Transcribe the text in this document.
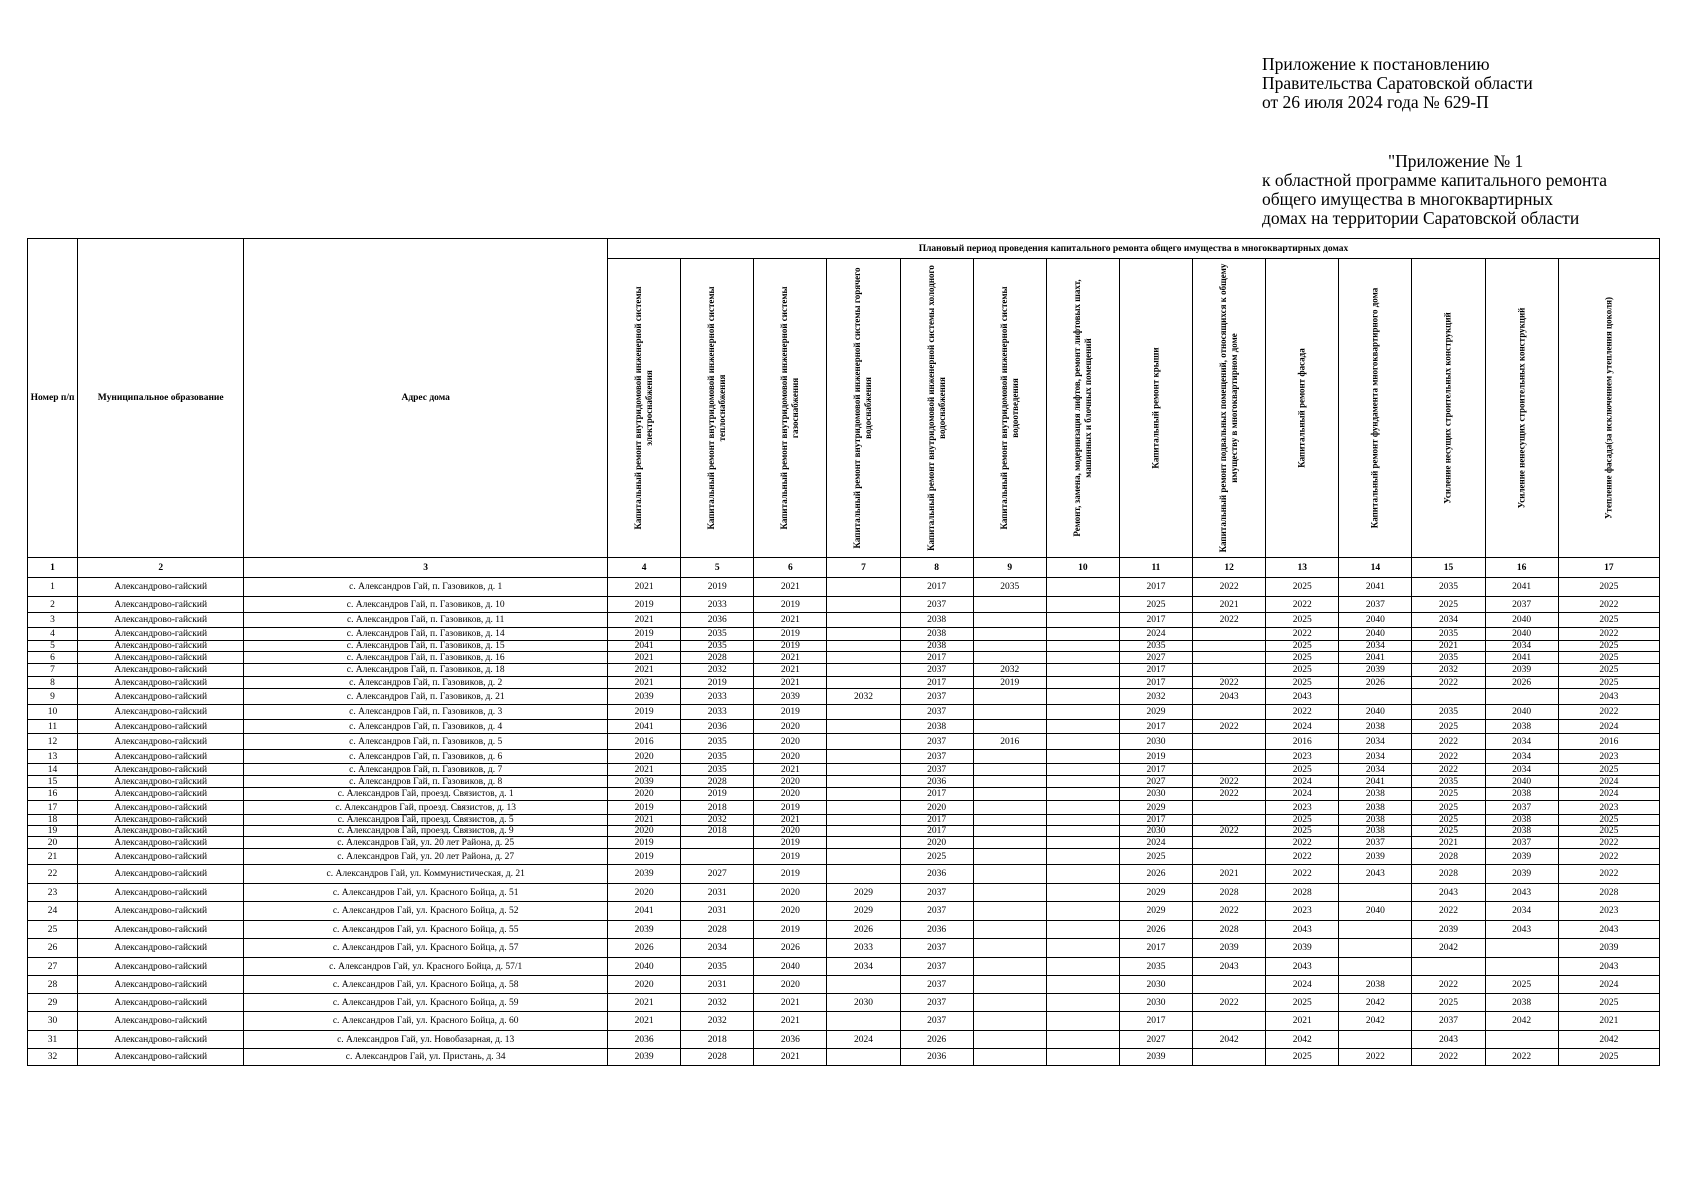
Приложение к постановлению
Правительства Саратовской области
от 26 июля 2024 года № 629-П
"Приложение № 1
к областной программе капитального ремонта
общего имущества в многоквартирных
домах на территории Саратовской области
Номер п/п	Муниципальное образование	Адрес дома	Плановый период проведения капитального ремонта общего имущества в многоквартирных домах													

			Капитальный ремонт внутридомовой инженерной системы электроснабжения	Капитальный ремонт внутридомовой инженерной системы теплоснабжения	Капитальный ремонт внутридомовой инженерной системы газоснабжения	Капитальный ремонт внутридомовой инженерной системы горячего водоснабжения	Капитальный ремонт внутридомовой инженерной системы холодного водоснабжения	Капитальный ремонт внутридомовой инженерной системы водоотведения	Ремонт, замена, модернизация лифтов, ремонт лифтовых шахт, машинных и блочных помещений	Капитальный ремонт крыши	Капитальный ремонт подвальных помещений, относящихся к общему имуществу в многоквартирном доме	Капитальный ремонт фасада	Капитальный ремонт фундамента многоквартирного дома	Усиление несущих строительных конструкций	Усиление ненесущих строительных конструкций	Утепление фасада(за исключением утепления цоколя)

1	2	3	4	5	6	7	8	9	10	11	12	13	14	15	16	17
1	Александрово-гайский	с. Александров Гай, п. Газовиков, д. 1	2021	2019	2021		2017	2035		2017	2022	2025	2041	2035	2041	2025
2	Александрово-гайский	с. Александров Гай, п. Газовиков, д. 10	2019	2033	2019		2037			2025	2021	2022	2037	2025	2037	2022
3	Александрово-гайский	с. Александров Гай, п. Газовиков, д. 11	2021	2036	2021		2038			2017	2022	2025	2040	2034	2040	2025
4	Александрово-гайский	с. Александров Гай, п. Газовиков, д. 14	2019	2035	2019		2038			2024		2022	2040	2035	2040	2022
5	Александрово-гайский	с. Александров Гай, п. Газовиков, д. 15	2041	2035	2019		2038			2035		2025	2034	2021	2034	2025
6	Александрово-гайский	с. Александров Гай, п. Газовиков, д. 16	2021	2028	2021		2017			2027		2025	2041	2035	2041	2025
7	Александрово-гайский	с. Александров Гай, п. Газовиков, д. 18	2021	2032	2021		2037	2032		2017		2025	2039	2032	2039	2025
8	Александрово-гайский	с. Александров Гай, п. Газовиков, д. 2	2021	2019	2021		2017	2019		2017	2022	2025	2026	2022	2026	2025
9	Александрово-гайский	с. Александров Гай, п. Газовиков, д. 21	2039	2033	2039	2032	2037			2032	2043	2043				2043
10	Александрово-гайский	с. Александров Гай, п. Газовиков, д. 3	2019	2033	2019		2037			2029		2022	2040	2035	2040	2022
11	Александрово-гайский	с. Александров Гай, п. Газовиков, д. 4	2041	2036	2020		2038			2017	2022	2024	2038	2025	2038	2024
12	Александрово-гайский	с. Александров Гай, п. Газовиков, д. 5	2016	2035	2020		2037	2016		2030		2016	2034	2022	2034	2016
13	Александрово-гайский	с. Александров Гай, п. Газовиков, д. 6	2020	2035	2020		2037			2019		2023	2034	2022	2034	2023
14	Александрово-гайский	с. Александров Гай, п. Газовиков, д. 7	2021	2035	2021		2037			2017		2025	2034	2022	2034	2025
15	Александрово-гайский	с. Александров Гай, п. Газовиков, д. 8	2039	2028	2020		2036			2027	2022	2024	2041	2035	2040	2024
16	Александрово-гайский	с. Александров Гай, проезд. Связистов, д. 1	2020	2019	2020		2017			2030	2022	2024	2038	2025	2038	2024
17	Александрово-гайский	с. Александров Гай, проезд. Связистов, д. 13	2019	2018	2019		2020			2029		2023	2038	2025	2037	2023
18	Александрово-гайский	с. Александров Гай, проезд. Связистов, д. 5	2021	2032	2021		2017			2017		2025	2038	2025	2038	2025
19	Александрово-гайский	с. Александров Гай, проезд. Связистов, д. 9	2020	2018	2020		2017			2030	2022	2025	2038	2025	2038	2025
20	Александрово-гайский	с. Александров Гай, ул. 20 лет Района, д. 25	2019		2019		2020			2024		2022	2037	2021	2037	2022
21	Александрово-гайский	с. Александров Гай, ул. 20 лет Района, д. 27	2019		2019		2025			2025		2022	2039	2028	2039	2022
22	Александрово-гайский	с. Александров Гай, ул. Коммунистическая, д. 21	2039	2027	2019		2036			2026	2021	2022	2043	2028	2039	2022
23	Александрово-гайский	с. Александров Гай, ул. Красного Бойца, д. 51	2020	2031	2020	2029	2037			2029	2028	2028		2043	2043	2028
24	Александрово-гайский	с. Александров Гай, ул. Красного Бойца, д. 52	2041	2031	2020	2029	2037			2029	2022	2023	2040	2022	2034	2023
25	Александрово-гайский	с. Александров Гай, ул. Красного Бойца, д. 55	2039	2028	2019	2026	2036			2026	2028	2043		2039	2043	2043
26	Александрово-гайский	с. Александров Гай, ул. Красного Бойца, д. 57	2026	2034	2026	2033	2037			2017	2039	2039		2042		2039
27	Александрово-гайский	с. Александров Гай, ул. Красного Бойца, д. 57/1	2040	2035	2040	2034	2037			2035	2043	2043				2043
28	Александрово-гайский	с. Александров Гай, ул. Красного Бойца, д. 58	2020	2031	2020		2037			2030		2024	2038	2022	2025	2024
29	Александрово-гайский	с. Александров Гай, ул. Красного Бойца, д. 59	2021	2032	2021	2030	2037			2030	2022	2025	2042	2025	2038	2025
30	Александрово-гайский	с. Александров Гай, ул. Красного Бойца, д. 60	2021	2032	2021		2037			2017		2021	2042	2037	2042	2021
31	Александрово-гайский	с. Александров Гай, ул. Новобазарная, д. 13	2036	2018	2036	2024	2026			2027	2042	2042		2043		2042
32	Александрово-гайский	с. Александров Гай, ул. Пристань, д. 34	2039	2028	2021		2036			2039		2025	2022	2022	2022	2025
